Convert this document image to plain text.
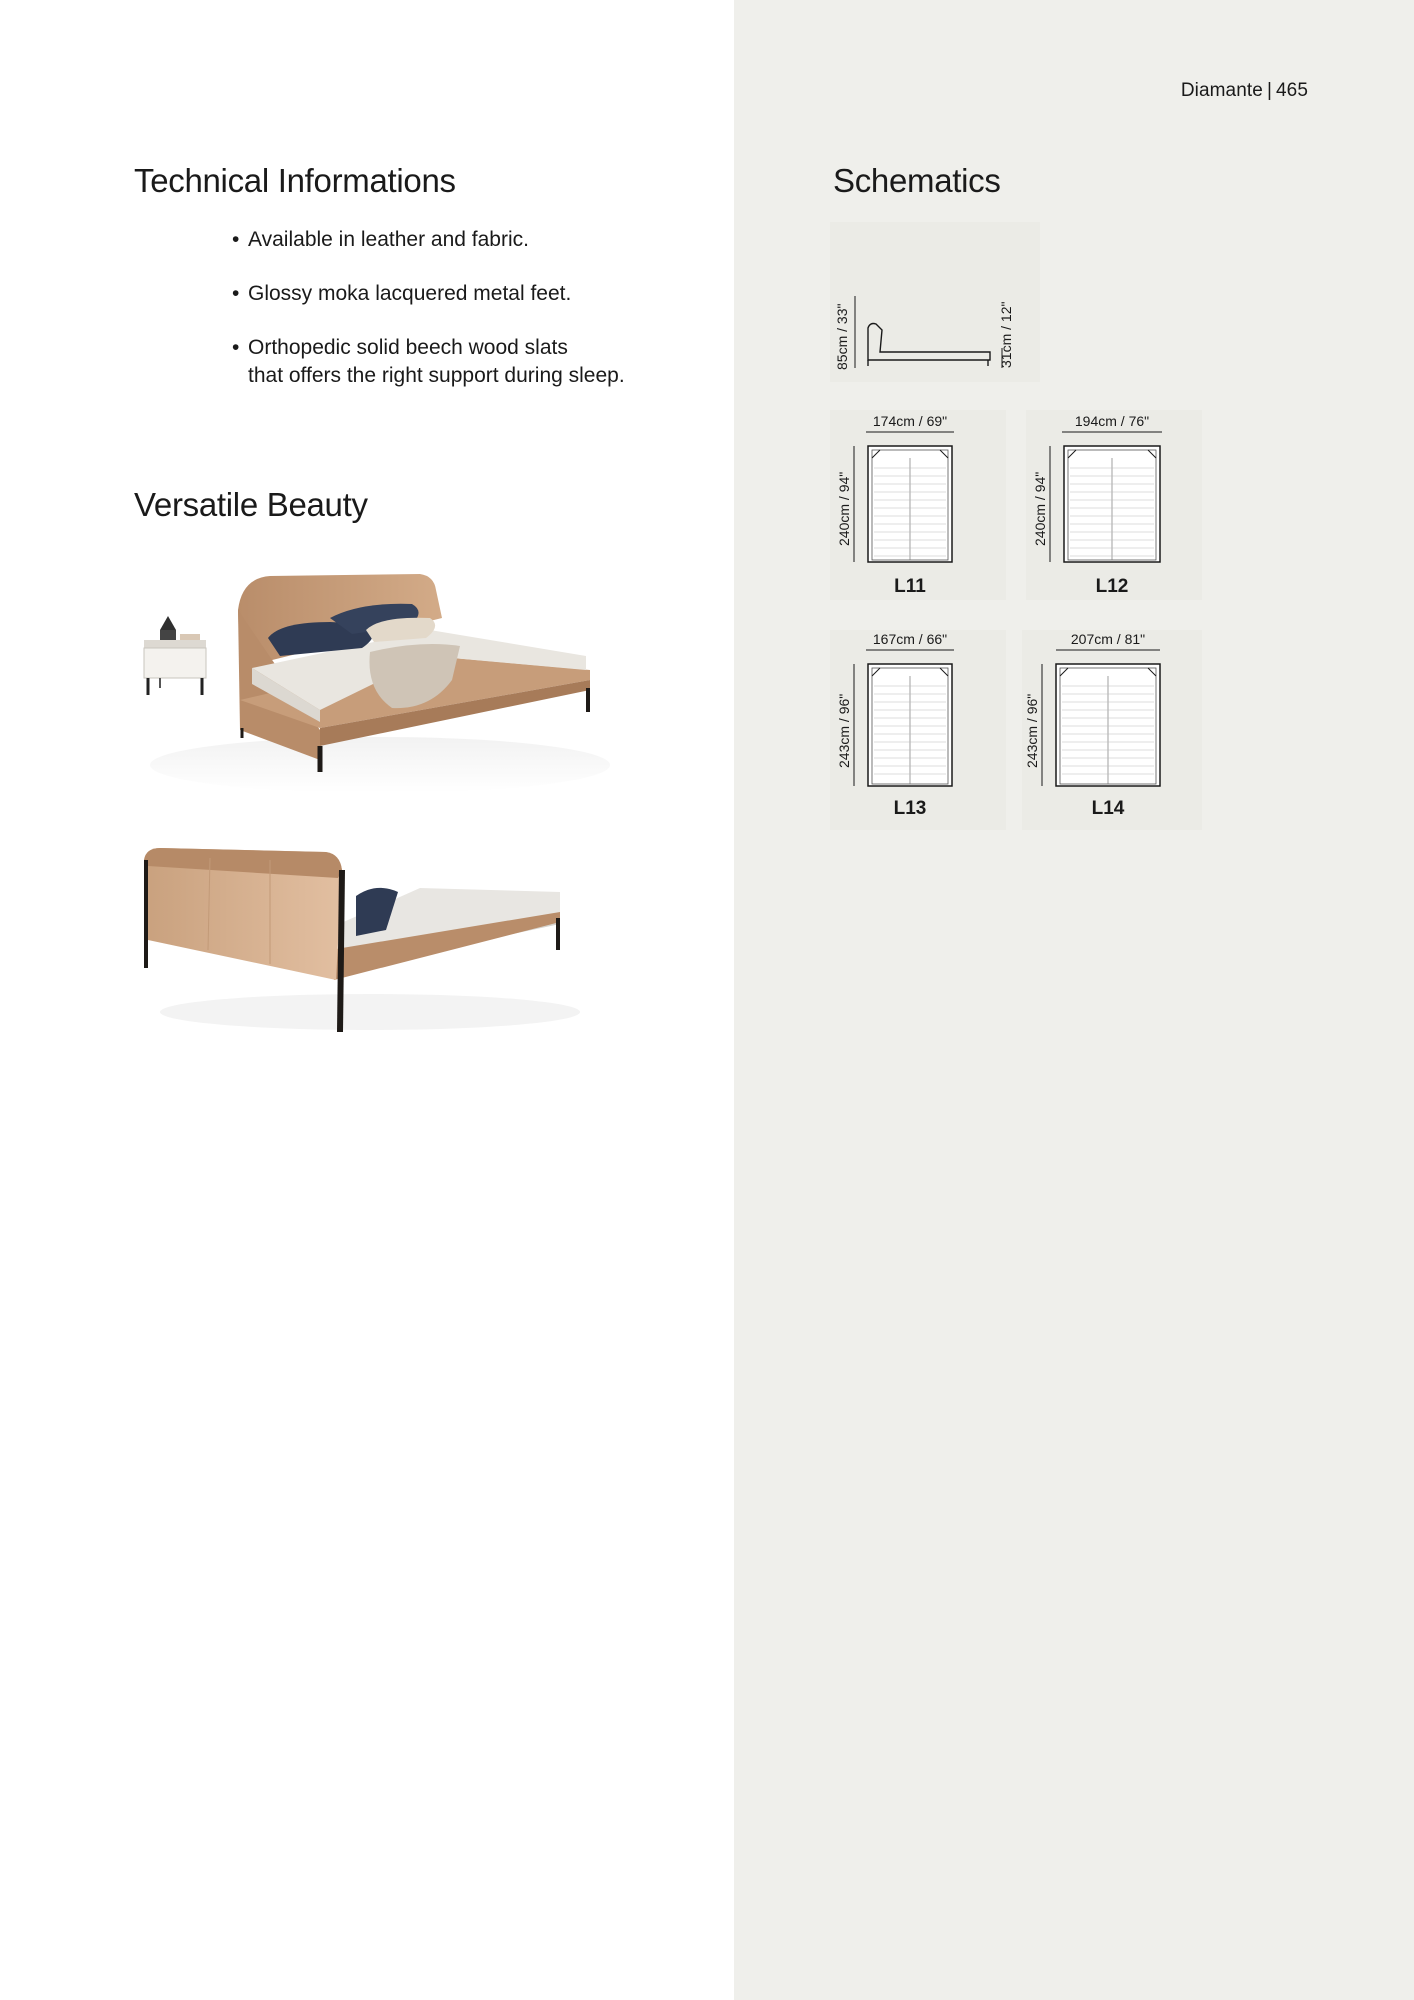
Diamante | 465
Technical Informations
• Available in leather and fabric.
• Glossy moka lacquered metal feet.
• Orthopedic solid beech wood slats
that offers the right support during sleep.
Versatile Beauty
Schematics
85cm / 33"	31cm / 12"
174cm / 69"
240cm / 94"
L11
194cm / 76"
240cm / 94"
L12
167cm / 66"
243cm / 96"
L13
207cm / 81"
243cm / 96"
L14
